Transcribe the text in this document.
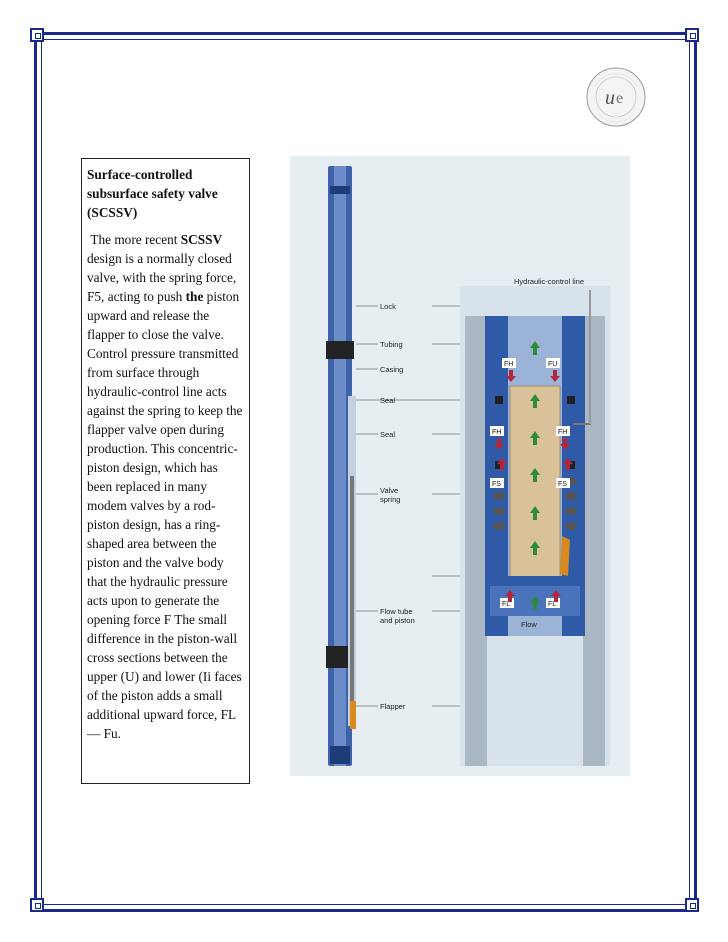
u e
Surface-controlled subsurface safety valve (SCSSV)

The more recent SCSSV design is a normally closed valve, with the spring force, F5, acting to push the piston upward and release the flapper to close the valve. Control pressure transmitted from surface through hydraulic-control line acts against the spring to keep the flapper valve open during production. This concentric-piston design, which has been replaced in many modem valves by a rod-piston design, has a ring-shaped area between the piston and the valve body that the hydraulic pressure acts upon to generate the opening force F The small difference in the piston-wall cross sections between the upper (U) and lower (Ii faces of the piston adds a small additional upward force, FL — Fu.

Lock
Tubing
Casing
Seal
Seal
Valve
spring
Flow tube
and piston
Flapper
Hydraulic-control line
Flow
FH	FU
FH	FH
FS	FS
FL	FL
